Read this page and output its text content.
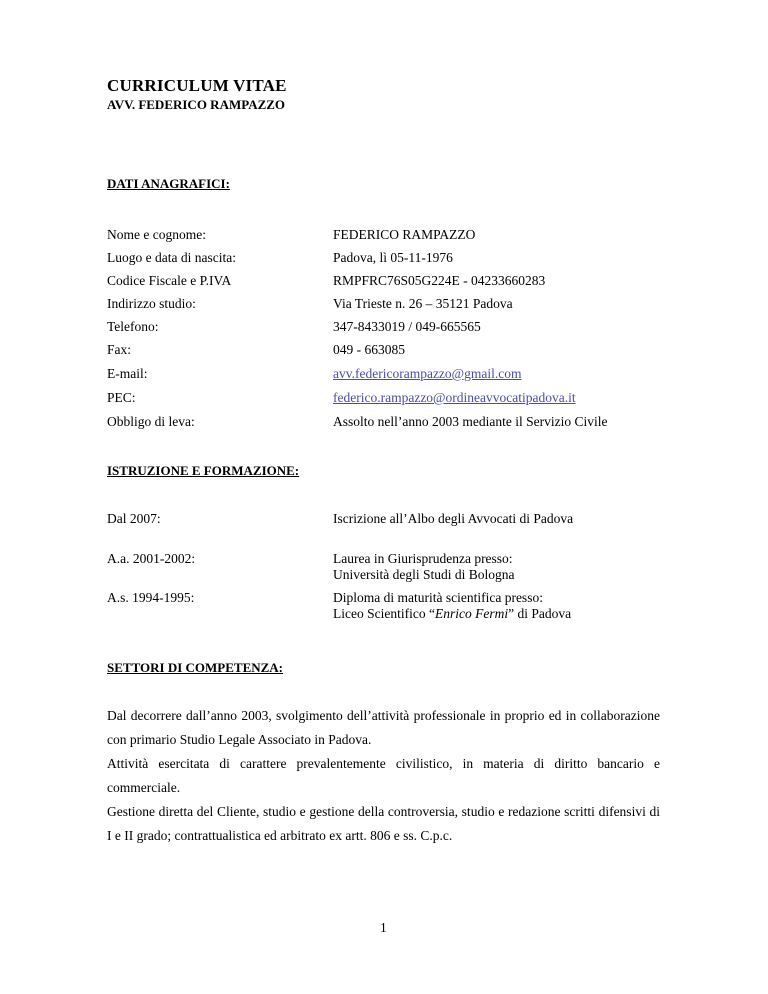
CURRICULUM VITAE
AVV. FEDERICO RAMPAZZO
DATI ANAGRAFICI:
Nome e cognome:	FEDERICO RAMPAZZO
Luogo e data di nascita:	Padova, lì 05-11-1976
Codice Fiscale e P.IVA	RMPFRC76S05G224E - 04233660283
Indirizzo studio:	Via Trieste n. 26 – 35121 Padova
Telefono:	347-8433019 / 049-665565
Fax:	049 - 663085
E-mail:	avv.federicorampazzo@gmail.com
PEC:	federico.rampazzo@ordineavvocatipadova.it
Obbligo di leva:	Assolto nell’anno 2003 mediante il Servizio Civile
ISTRUZIONE E FORMAZIONE:
Dal 2007:	Iscrizione all’Albo degli Avvocati di Padova
A.a. 2001-2002:	Laurea in Giurisprudenza presso:
Università degli Studi di Bologna
A.s. 1994-1995:	Diploma di maturità scientifica presso:
Liceo Scientifico “Enrico Fermi” di Padova
SETTORI DI COMPETENZA:

Dal decorrere dall’anno 2003, svolgimento dell’attività professionale in proprio ed in collaborazione con primario Studio Legale Associato in Padova.

Attività esercitata di carattere prevalentemente civilistico, in materia di diritto bancario e commerciale.

Gestione diretta del Cliente, studio e gestione della controversia, studio e redazione scritti difensivi di I e II grado; contrattualistica ed arbitrato ex artt. 806 e ss. C.p.c.

1
